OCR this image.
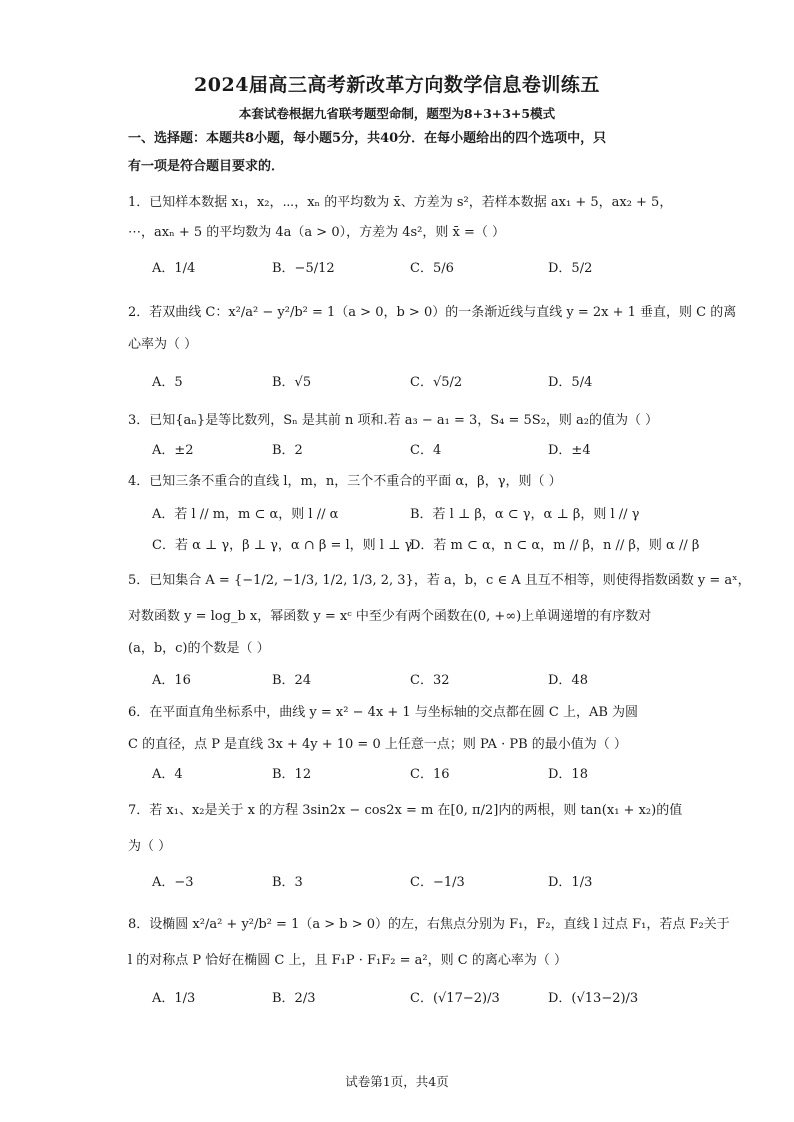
2024届高三高考新改革方向数学信息卷训练五
本套试卷根据九省联考题型命制，题型为8+3+3+5模式
一、选择题：本题共8小题，每小题5分，共40分．在每小题给出的四个选项中，只
有一项是符合题目要求的．
1．已知样本数据 x₁，x₂，⋯，xₙ 的平均数为 x̄、方差为 s²，若样本数据 ax₁ + 5，ax₂ + 5，
⋯，axₙ + 5 的平均数为 4a（a > 0），方差为 4s²，则 x̄ =（ ）
A．1/4	B．−5/12	C．5/6	D．5/2
2．若双曲线 C：x²/a² − y²/b² = 1（a > 0，b > 0）的一条渐近线与直线 y = 2x + 1 垂直，则 C 的离
心率为（ ）
A．5	B．√5	C．√5/2	D．5/4
3．已知{aₙ}是等比数列，Sₙ 是其前 n 项和.若 a₃ − a₁ = 3，S₄ = 5S₂，则 a₂的值为（ ）
A．±2	B．2	C．4	D．±4
4．已知三条不重合的直线 l，m，n，三个不重合的平面 α，β，γ，则（ ）
A．若 l // m，m ⊂ α，则 l // α	B．若 l ⊥ β，α ⊂ γ，α ⊥ β，则 l // γ
C．若 α ⊥ γ，β ⊥ γ，α ∩ β = l，则 l ⊥ γ
D．若 m ⊂ α，n ⊂ α，m // β，n // β，则 α // β
5．已知集合 A = {−1/2, −1/3, 1/2, 1/3, 2, 3}，若 a，b，c ∈ A 且互不相等，则使得指数函数 y = aˣ，
对数函数 y = log_b x，幂函数 y = xᶜ 中至少有两个函数在(0, +∞)上单调递增的有序数对
(a，b，c)的个数是（ ）
A．16	B．24	C．32	D．48
6．在平面直角坐标系中，曲线 y = x² − 4x + 1 与坐标轴的交点都在圆 C 上，AB 为圆
C 的直径，点 P 是直线 3x + 4y + 10 = 0 上任意一点；则 PA · PB 的最小值为（ ）
A．4	B．12	C．16	D．18
7．若 x₁、x₂是关于 x 的方程 3sin2x − cos2x = m 在[0, π/2]内的两根，则 tan(x₁ + x₂)的值
为（ ）
A．−3	B．3	C．−1/3	D．1/3
8．设椭圆 x²/a² + y²/b² = 1（a > b > 0）的左，右焦点分别为 F₁，F₂，直线 l 过点 F₁，若点 F₂关于
l 的对称点 P 恰好在椭圆 C 上，且 F₁P · F₁F₂ = a²，则 C 的离心率为（ ）
A．1/3	B．2/3	C．(√17−2)/3	D．(√13−2)/3
试卷第1页，共4页
